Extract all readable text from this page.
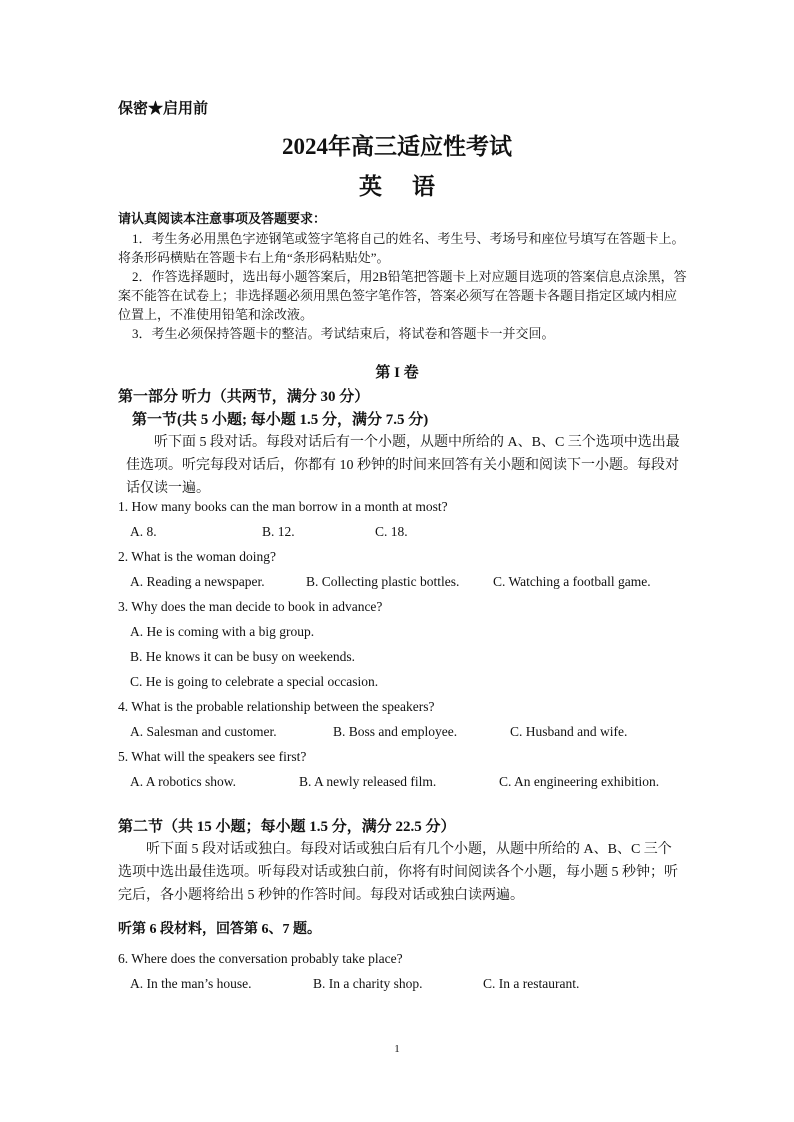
保密★启用前
2024年高三适应性考试
英语
请认真阅读本注意事项及答题要求：
1．考生务必用黑色字迹钢笔或签字笔将自己的姓名、考生号、考场号和座位号填写在答题卡上。将条形码横贴在答题卡右上角“条形码粘贴处”。
2．作答选择题时，选出每小题答案后，用2B铅笔把答题卡上对应题目选项的答案信息点涂黑，答案不能答在试卷上；非选择题必须用黑色签字笔作答，答案必须写在答题卡各题目指定区域内相应位置上，不准使用铅笔和涂改液。
3．考生必须保持答题卡的整洁。考试结束后，将试卷和答题卡一并交回。
第 I 卷
第一部分 听力（共两节，满分 30 分）
第一节(共 5 小题; 每小题 1.5 分，满分 7.5 分)
听下面 5 段对话。每段对话后有一个小题，从题中所给的 A、B、C 三个选项中选出最佳选项。听完每段对话后，你都有 10 秒钟的时间来回答有关小题和阅读下一小题。每段对话仅读一遍。
1. How many books can the man borrow in a month at most?
A. 8.	B. 12.	C. 18.
2. What is the woman doing?
A. Reading a newspaper.	B. Collecting plastic bottles. C. Watching a football game.
3. Why does the man decide to book in advance?
A. He is coming with a big group.
B. He knows it can be busy on weekends.
C. He is going to celebrate a special occasion.
4. What is the probable relationship between the speakers?
A. Salesman and customer.	B. Boss and employee.	C. Husband and wife.
5. What will the speakers see first?
A. A robotics show.	B. A newly released film.	C. An engineering exhibition.
第二节（共 15 小题；每小题 1.5 分，满分 22.5 分）
听下面 5 段对话或独白。每段对话或独白后有几个小题，从题中所给的 A、B、C 三个选项中选出最佳选项。听每段对话或独白前，你将有时间阅读各个小题，每小题 5 秒钟；听完后，各小题将给出 5 秒钟的作答时间。每段对话或独白读两遍。
听第 6 段材料，回答第 6、7 题。
6. Where does the conversation probably take place?
A. In the man’s house.	B. In a charity shop.	C. In a restaurant.
1
